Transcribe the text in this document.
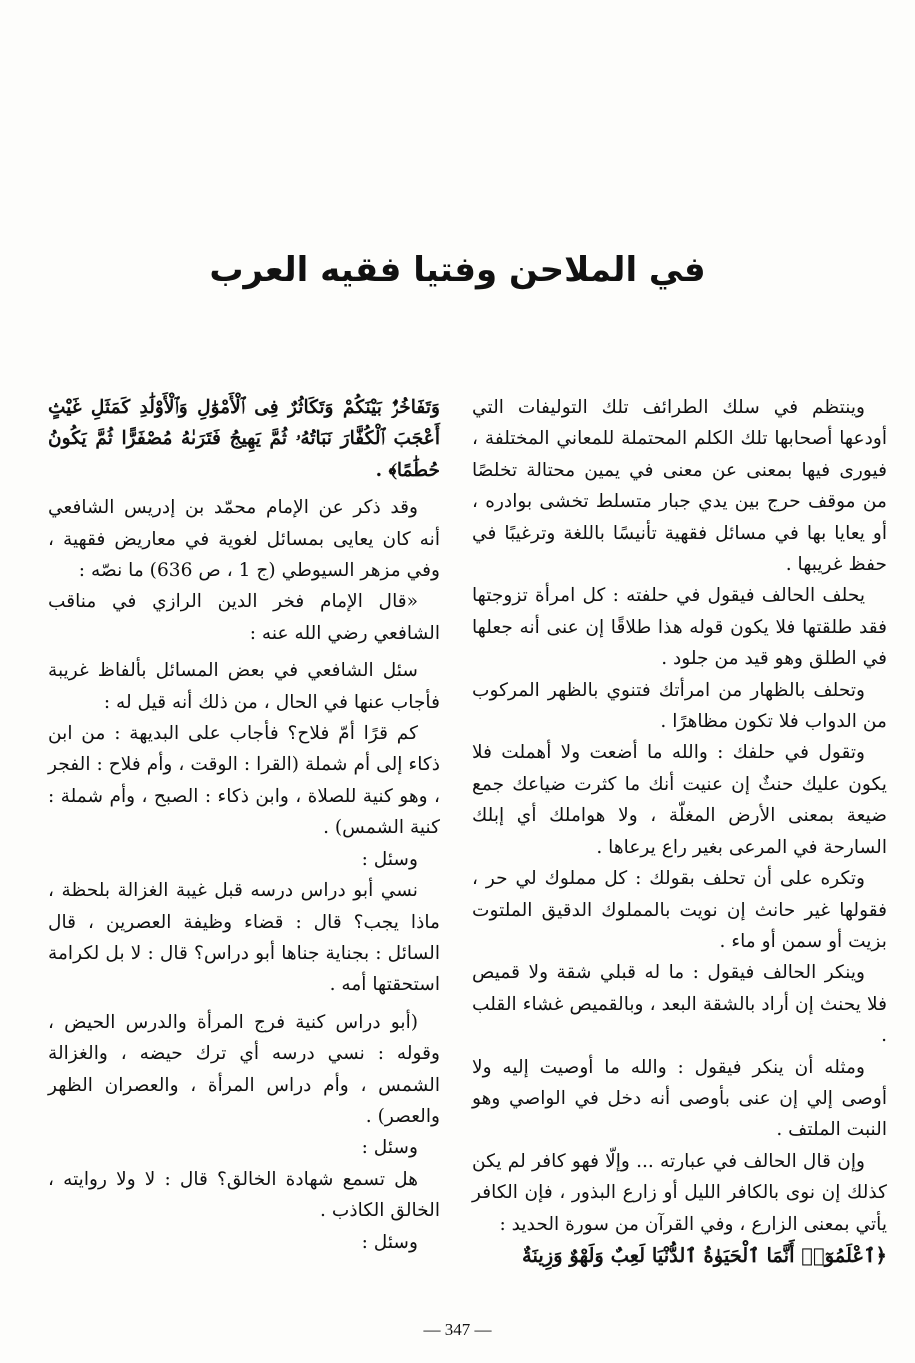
في الملاحن وفتيا فقيه العرب

وينتظم في سلك الطرائف تلك التوليفات التي أودعها أصحابها تلك الكلم المحتملة للمعاني المختلفة ، فيورى فيها بمعنى عن معنى في يمين محتالة تخلصًا من موقف حرج بين يدي جبار متسلط تخشى بوادره ، أو يعايا بها في مسائل فقهية تأنيسًا باللغة وترغيبًا في حفظ غريبها .

يحلف الحالف فيقول في حلفته : كل امرأة تزوجتها فقد طلقتها فلا يكون قوله هذا طلاقًا إن عنى أنه جعلها في الطلق وهو قيد من جلود .

وتحلف بالظهار من امرأتك فتنوي بالظهر المركوب من الدواب فلا تكون مظاهرًا .

وتقول في حلفك : والله ما أضعت ولا أهملت فلا يكون عليك حنثٌ إن عنيت أنك ما كثرت ضياعك جمع ضيعة بمعنى الأرض المغلّة ، ولا هواملك أي إبلك السارحة في المرعى بغير راع يرعاها .

وتكره على أن تحلف بقولك : كل مملوك لي حر ، فقولها غير حانث إن نويت بالمملوك الدقيق الملتوت بزيت أو سمن أو ماء .

وينكر الحالف فيقول : ما له قبلي شقة ولا قميص فلا يحنث إن أراد بالشقة البعد ، وبالقميص غشاء القلب .

ومثله أن ينكر فيقول : والله ما أوصيت إليه ولا أوصى إلي إن عنى بأوصى أنه دخل في الواصي وهو النبت الملتف .

وإن قال الحالف في عبارته ... وإلّا فهو كافر لم يكن كذلك إن نوى بالكافر الليل أو زارع البذور ، فإن الكافر يأتي بمعنى الزارع ، وفي القرآن من سورة الحديد :

﴿ٱعْلَمُوٓا۟ أَنَّمَا ٱلْحَيَوٰةُ ٱلدُّنْيَا لَعِبٌ وَلَهْوٌ وَزِينَةٌ

وَتَفَاخُرٌۢ بَيْنَكُمْ وَتَكَاثُرٌ فِى ٱلْأَمْوَٰلِ وَٱلْأَوْلَٰدِ كَمَثَلِ غَيْثٍ أَعْجَبَ ٱلْكُفَّارَ نَبَاتُهُۥ ثُمَّ يَهِيجُ فَتَرَىٰهُ مُصْفَرًّا ثُمَّ يَكُونُ حُطَٰمًا﴾ .

وقد ذكر عن الإمام محمّد بن إدريس الشافعي أنه كان يعايى بمسائل لغوية في معاريض فقهية ، وفي مزهر السيوطي (ج 1 ، ص 636) ما نصّه :

«قال الإمام فخر الدين الرازي في مناقب الشافعي رضي الله عنه :

سئل الشافعي في بعض المسائل بألفاظ غريبة فأجاب عنها في الحال ، من ذلك أنه قيل له :

كم قرًا أمّ فلاح؟ فأجاب على البديهة : من ابن ذكاء إلى أم شملة (القرا : الوقت ، وأم فلاح : الفجر ، وهو كنية للصلاة ، وابن ذكاء : الصبح ، وأم شملة : كنية الشمس) .

وسئل :

نسي أبو دراس درسه قبل غيبة الغزالة بلحظة ، ماذا يجب؟ قال : قضاء وظيفة العصرين ، قال السائل : بجناية جناها أبو دراس؟ قال : لا بل لكرامة استحقتها أمه .

(أبو دراس كنية فرج المرأة والدرس الحيض ، وقوله : نسي درسه أي ترك حيضه ، والغزالة الشمس ، وأم دراس المرأة ، والعصران الظهر والعصر) .

وسئل :

هل تسمع شهادة الخالق؟ قال : لا ولا روايته ، الخالق الكاذب .

وسئل :

— 347 —
